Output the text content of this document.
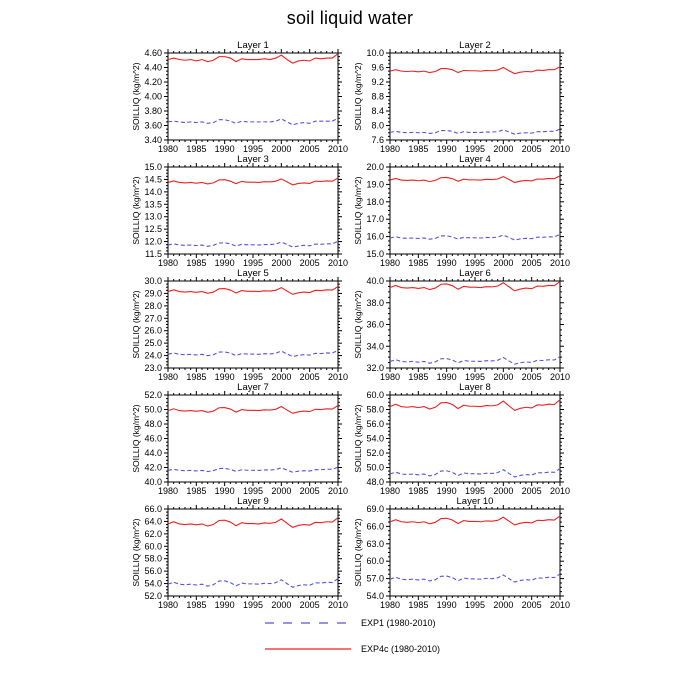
soil liquid water
Layer 1
SOILLIQ (kg/m^2)
1980 1985 1990 1995 2000 2005 2010
3.40
3.60
3.80
4.00
4.20
4.40
4.60
Layer 2
SOILLIQ (kg/m^2)
1980 1985 1990 1995 2000 2005 2010
7.6
8.0
8.4
8.8
9.2
9.6
10.0
Layer 3
SOILLIQ (kg/m^2)
1980 1985 1990 1995 2000 2005 2010
11.5
12.0
12.5
13.0
13.5
14.0
14.5
15.0
Layer 4
SOILLIQ (kg/m^2)
1980 1985 1990 1995 2000 2005 2010
15.0
16.0
17.0
18.0
19.0
20.0
Layer 5
SOILLIQ (kg/m^2)
1980 1985 1990 1995 2000 2005 2010
23.0
24.0
25.0
26.0
27.0
28.0
29.0
30.0
Layer 6
SOILLIQ (kg/m^2)
1980 1985 1990 1995 2000 2005 2010
32.0
34.0
36.0
38.0
40.0
Layer 7
SOILLIQ (kg/m^2)
1980 1985 1990 1995 2000 2005 2010
40.0
42.0
44.0
46.0
48.0
50.0
52.0
Layer 8
SOILLIQ (kg/m^2)
1980 1985 1990 1995 2000 2005 2010
48.0
50.0
52.0
54.0
56.0
58.0
60.0
Layer 9
SOILLIQ (kg/m^2)
1980 1985 1990 1995 2000 2005 2010
52.0
54.0
56.0
58.0
60.0
62.0
64.0
66.0
Layer 10
SOILLIQ (kg/m^2)
1980 1985 1990 1995 2000 2005 2010
54.0
57.0
60.0
63.0
66.0
69.0
EXP1 (1980-2010)
EXP4c (1980-2010)
